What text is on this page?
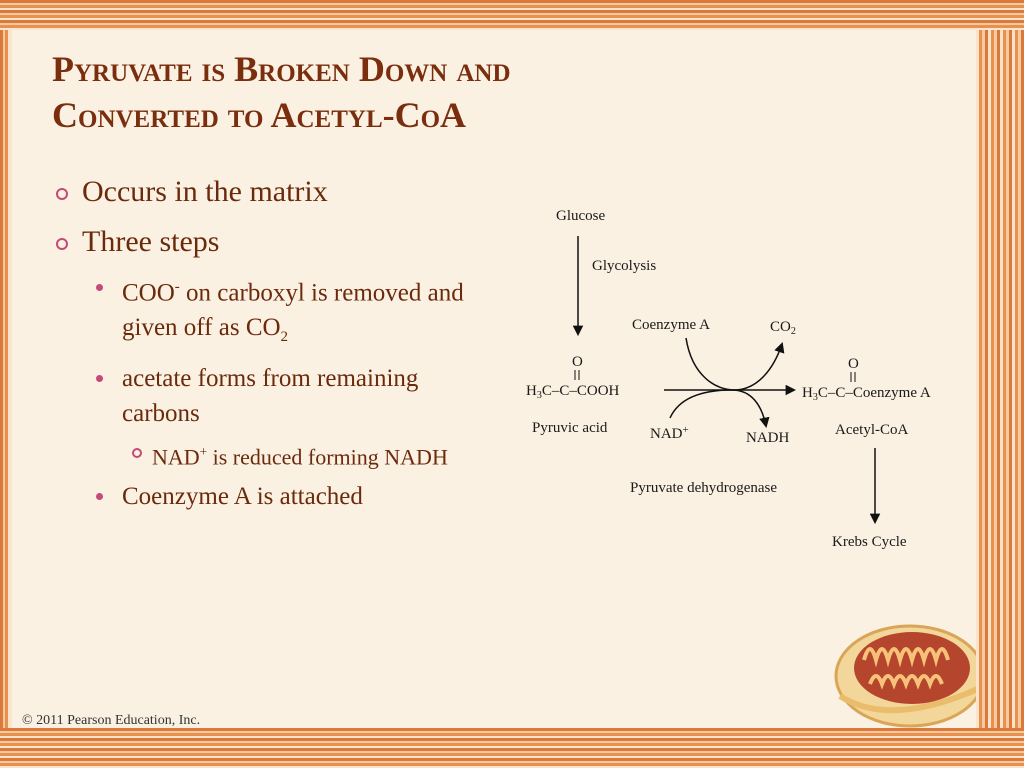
Pyruvate is Broken Down and
Converted to Acetyl-CoA
Occurs in the matrix
Three steps
COO- on carboxyl is removed and given off as $CO_2$
acetate forms from remaining carbons
NAD+ is reduced forming NADH
Coenzyme A is attached
Glucose
Glycolysis
O
$H_3C-C$–COOH
Pyruvic acid
Coenzyme A	$CO_2$
NAD+	NADH
O
$H_3C-C$–Coenzyme A
Acetyl-CoA
Pyruvate dehydrogenase
Krebs Cycle
© 2011 Pearson Education, Inc.
